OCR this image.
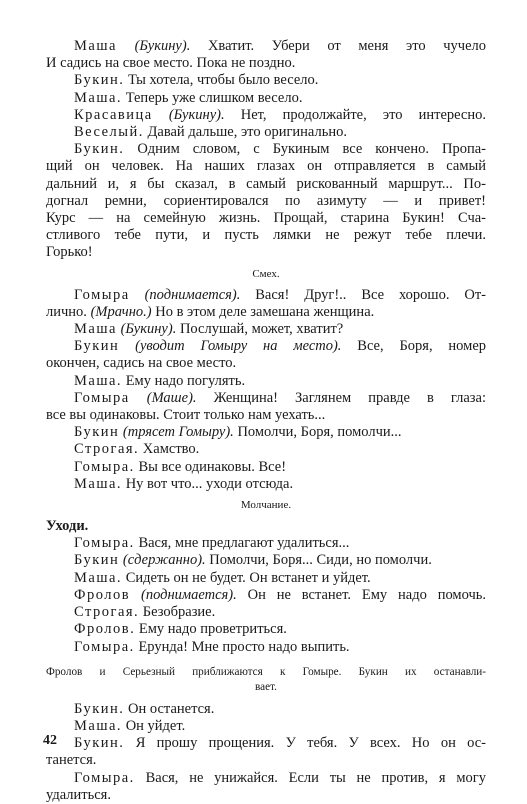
Маша (Букину). Хватит. Убери от меня это чучело
И садись на свое место. Пока не поздно.
Букин. Ты хотела, чтобы было весело.
Маша. Теперь уже слишком весело.
Красавица (Букину). Нет, продолжайте, это интересно.
Веселый. Давай дальше, это оригинально.
Букин. Одним словом, с Букиным все кончено. Пропа-
щий он человек. На наших глазах он отправляется в самый
дальний и, я бы сказал, в самый рискованный маршрут... По-
догнал ремни, сориентировался по азимуту — и привет!
Курс — на семейную жизнь. Прощай, старина Букин! Сча-
стливого тебе пути, и пусть лямки не режут тебе плечи.
Горько!
Смех.
Гомыра (поднимается). Вася! Друг!.. Все хорошо. От-
лично. (Мрачно.) Но в этом деле замешана женщина.
Маша (Букину). Послушай, может, хватит?
Букин (уводит Гомыру на место). Все, Боря, номер
окончен, садись на свое место.
Маша. Ему надо погулять.
Гомыра (Маше). Женщина! Заглянем правде в глаза:
все вы одинаковы. Стоит только нам уехать...
Букин (трясет Гомыру). Помолчи, Боря, помолчи...
Строгая. Хамство.
Гомыра. Вы все одинаковы. Все!
Маша. Ну вот что... уходи отсюда.
Молчание.
Уходи.
Гомыра. Вася, мне предлагают удалиться...
Букин (сдержанно). Помолчи, Боря... Сиди, но помолчи.
Маша. Сидеть он не будет. Он встанет и уйдет.
Фролов (поднимается). Он не встанет. Ему надо помочь.
Строгая. Безобразие.
Фролов. Ему надо проветриться.
Гомыра. Ерунда! Мне просто надо выпить.
Фролов и Серьезный приближаются к Гомыре. Букин их останавли-
вает.
Букин. Он останется.
Маша. Он уйдет.
Букин. Я прошу прощения. У тебя. У всех. Но он ос-
танется.
Гомыра. Вася, не унижайся. Если ты не против, я могу
удалиться.
42
